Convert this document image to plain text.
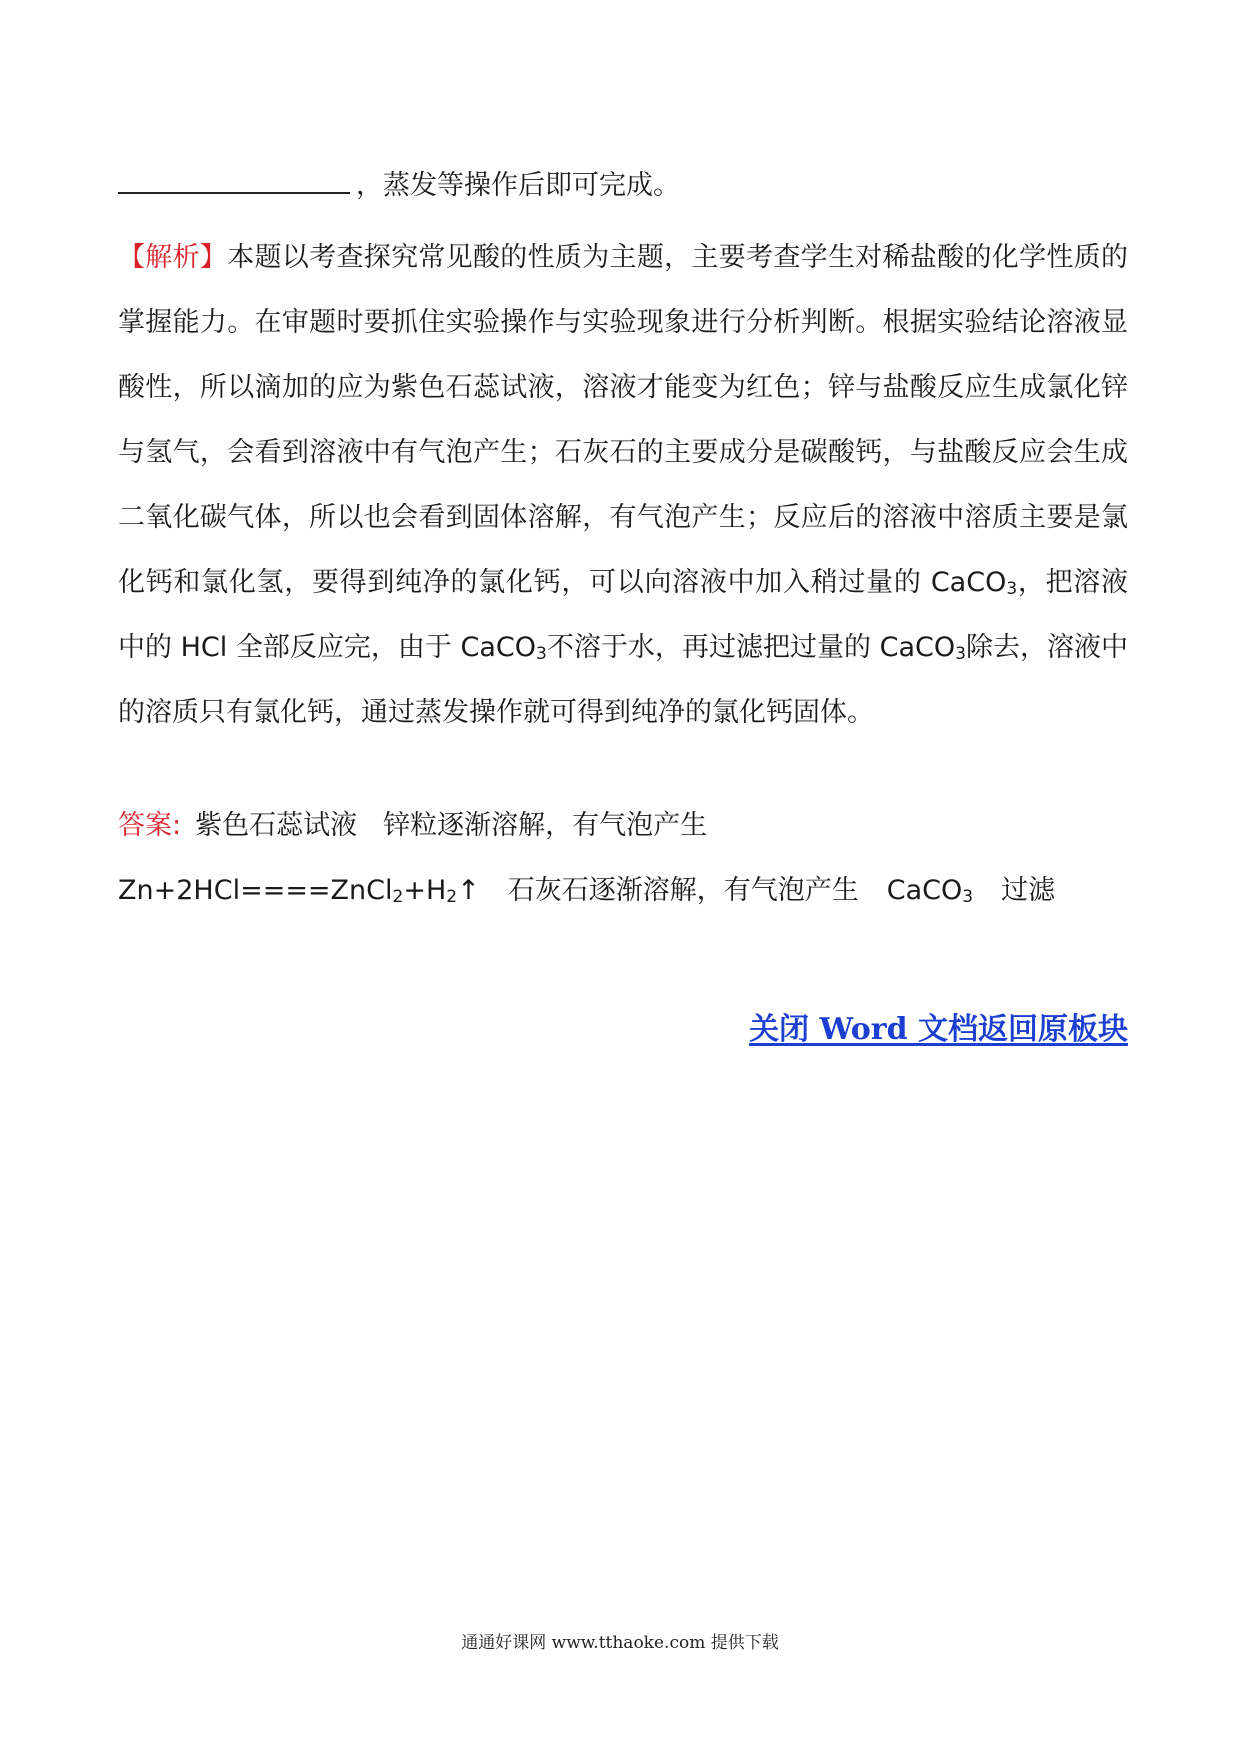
，蒸发等操作后即可完成。
【解析】本题以考查探究常见酸的性质为主题，主要考查学生对稀盐酸的化学性质的掌握能力。在审题时要抓住实验操作与实验现象进行分析判断。根据实验结论溶液显酸性，所以滴加的应为紫色石蕊试液，溶液才能变为红色；锌与盐酸反应生成氯化锌与氢气，会看到溶液中有气泡产生；石灰石的主要成分是碳酸钙，与盐酸反应会生成二氧化碳气体，所以也会看到固体溶解，有气泡产生；反应后的溶液中溶质主要是氯化钙和氯化氢，要得到纯净的氯化钙，可以向溶液中加入稍过量的 CaCO$_3$，把溶液中的 HCl 全部反应完，由于 CaCO$_3$不溶于水，再过滤把过量的 CaCO$_3$除去，溶液中的溶质只有氯化钙，通过蒸发操作就可得到纯净的氯化钙固体。
答案: 紫色石蕊试液 锌粒逐渐溶解，有气泡产生
$Zn+2HCl====ZnCl_2+H_2↑$ 石灰石逐渐溶解，有气泡产生 CaCO$_3$ 过滤
关闭 Word 文档返回原板块
通通好课网 www.tthaoke.com 提供下载
